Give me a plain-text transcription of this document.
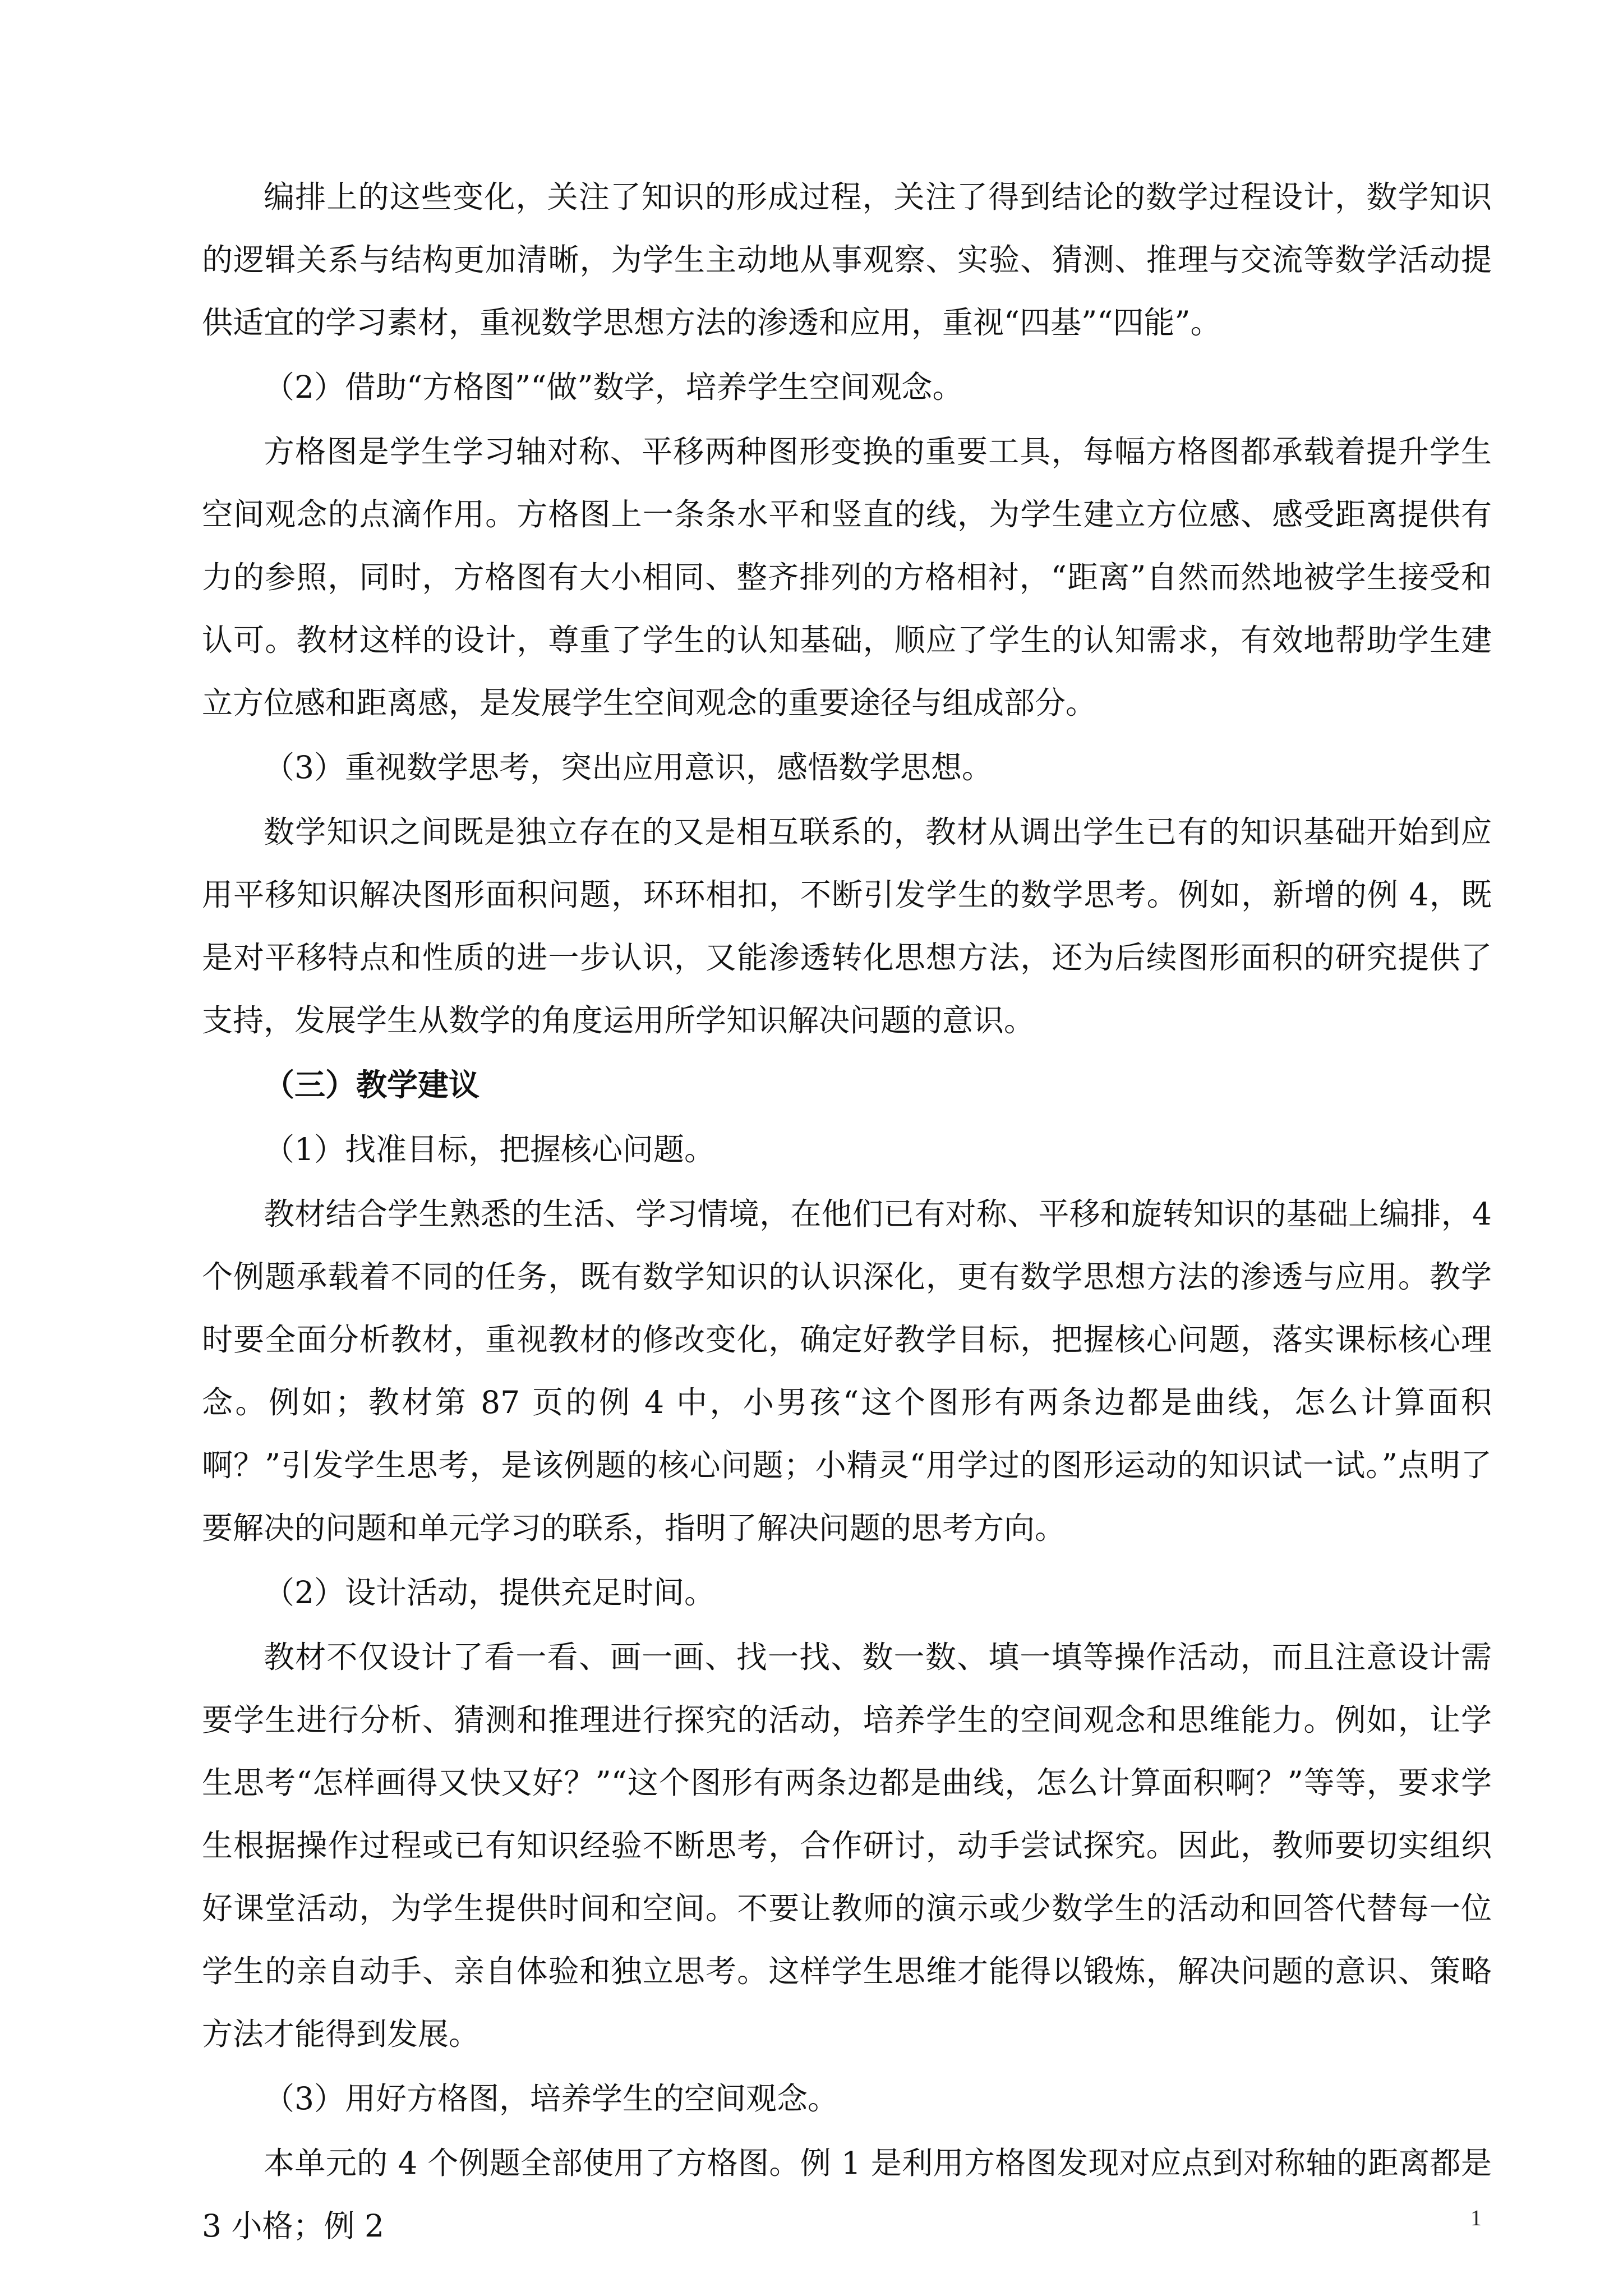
编排上的这些变化，关注了知识的形成过程，关注了得到结论的数学过程设计，数学知识的逻辑关系与结构更加清晰，为学生主动地从事观察、实验、猜测、推理与交流等数学活动提供适宜的学习素材，重视数学思想方法的渗透和应用，重视“四基”“四能”。

（2）借助“方格图”“做”数学，培养学生空间观念。

方格图是学生学习轴对称、平移两种图形变换的重要工具，每幅方格图都承载着提升学生空间观念的点滴作用。方格图上一条条水平和竖直的线，为学生建立方位感、感受距离提供有力的参照，同时，方格图有大小相同、整齐排列的方格相衬，“距离”自然而然地被学生接受和认可。教材这样的设计，尊重了学生的认知基础，顺应了学生的认知需求，有效地帮助学生建立方位感和距离感，是发展学生空间观念的重要途径与组成部分。

（3）重视数学思考，突出应用意识，感悟数学思想。

数学知识之间既是独立存在的又是相互联系的，教材从调出学生已有的知识基础开始到应用平移知识解决图形面积问题，环环相扣，不断引发学生的数学思考。例如，新增的例 4，既是对平移特点和性质的进一步认识，又能渗透转化思想方法，还为后续图形面积的研究提供了支持，发展学生从数学的角度运用所学知识解决问题的意识。

（三）教学建议

（1）找准目标，把握核心问题。

教材结合学生熟悉的生活、学习情境，在他们已有对称、平移和旋转知识的基础上编排，4 个例题承载着不同的任务，既有数学知识的认识深化，更有数学思想方法的渗透与应用。教学时要全面分析教材，重视教材的修改变化，确定好教学目标，把握核心问题，落实课标核心理念。例如；教材第 87 页的例 4 中，小男孩“这个图形有两条边都是曲线，怎么计算面积啊？”引发学生思考，是该例题的核心问题；小精灵“用学过的图形运动的知识试一试。”点明了要解决的问题和单元学习的联系，指明了解决问题的思考方向。

（2）设计活动，提供充足时间。

教材不仅设计了看一看、画一画、找一找、数一数、填一填等操作活动，而且注意设计需要学生进行分析、猜测和推理进行探究的活动，培养学生的空间观念和思维能力。例如，让学生思考“怎样画得又快又好？”“这个图形有两条边都是曲线，怎么计算面积啊？”等等，要求学生根据操作过程或已有知识经验不断思考，合作研讨，动手尝试探究。因此，教师要切实组织好课堂活动，为学生提供时间和空间。不要让教师的演示或少数学生的活动和回答代替每一位学生的亲自动手、亲自体验和独立思考。这样学生思维才能得以锻炼，解决问题的意识、策略方法才能得到发展。

（3）用好方格图，培养学生的空间观念。

本单元的 4 个例题全部使用了方格图。例 1 是利用方格图发现对应点到对称轴的距离都是 3 小格；例 2	1
